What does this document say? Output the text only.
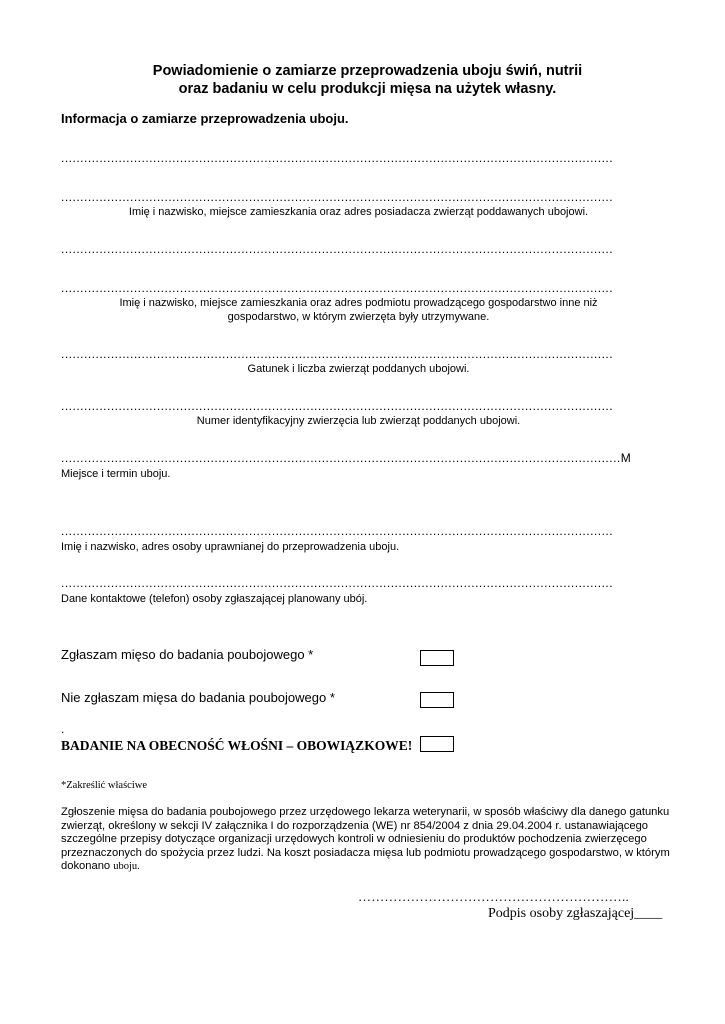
Powiadomienie o zamiarze przeprowadzenia uboju świń, nutrii
oraz badaniu w celu produkcji mięsa na użytek własny.
Informacja o zamiarze przeprowadzenia uboju.
................................................................................................................................................
................................................................................................................................................
Imię i nazwisko, miejsce zamieszkania oraz adres posiadacza zwierząt poddawanych ubojowi.
................................................................................................................................................
................................................................................................................................................
Imię i nazwisko, miejsce zamieszkania oraz adres podmiotu prowadzącego gospodarstwo inne niż
gospodarstwo, w którym zwierzęta były utrzymywane.
................................................................................................................................................
Gatunek i liczba zwierząt poddanych ubojowi.
................................................................................................................................................
Numer identyfikacyjny zwierzęcia lub zwierząt poddanych ubojowi.
..................................................................................................................................................M
Miejsce i termin uboju.
................................................................................................................................................
Imię i nazwisko, adres osoby uprawnianej do przeprowadzenia uboju.
................................................................................................................................................
Dane kontaktowe (telefon) osoby zgłaszającej planowany ubój.
Zgłaszam mięso do badania poubojowego *
Nie zgłaszam mięsa do badania poubojowego *
.
BADANIE NA OBECNOŚĆ WŁOŚNI – OBOWIĄZKOWE!
*Zakreślić właściwe
Zgłoszenie mięsa do badania poubojowego przez urzędowego lekarza weterynarii, w sposób właściwy dla danego gatunku zwierząt, określony w sekcji IV załącznika I do rozporządzenia (WE) nr 854/2004 z dnia 29.04.2004 r. ustanawiającego szczególne przepisy dotyczące organizacji urzędowych kontroli w odniesieniu do produktów pochodzenia zwierzęcego przeznaczonych do spożycia przez ludzi. Na koszt posiadacza mięsa lub podmiotu prowadzącego gospodarstwo, w którym dokonano uboju.
……………………………………………………..
Podpis osoby zgłaszającej____
